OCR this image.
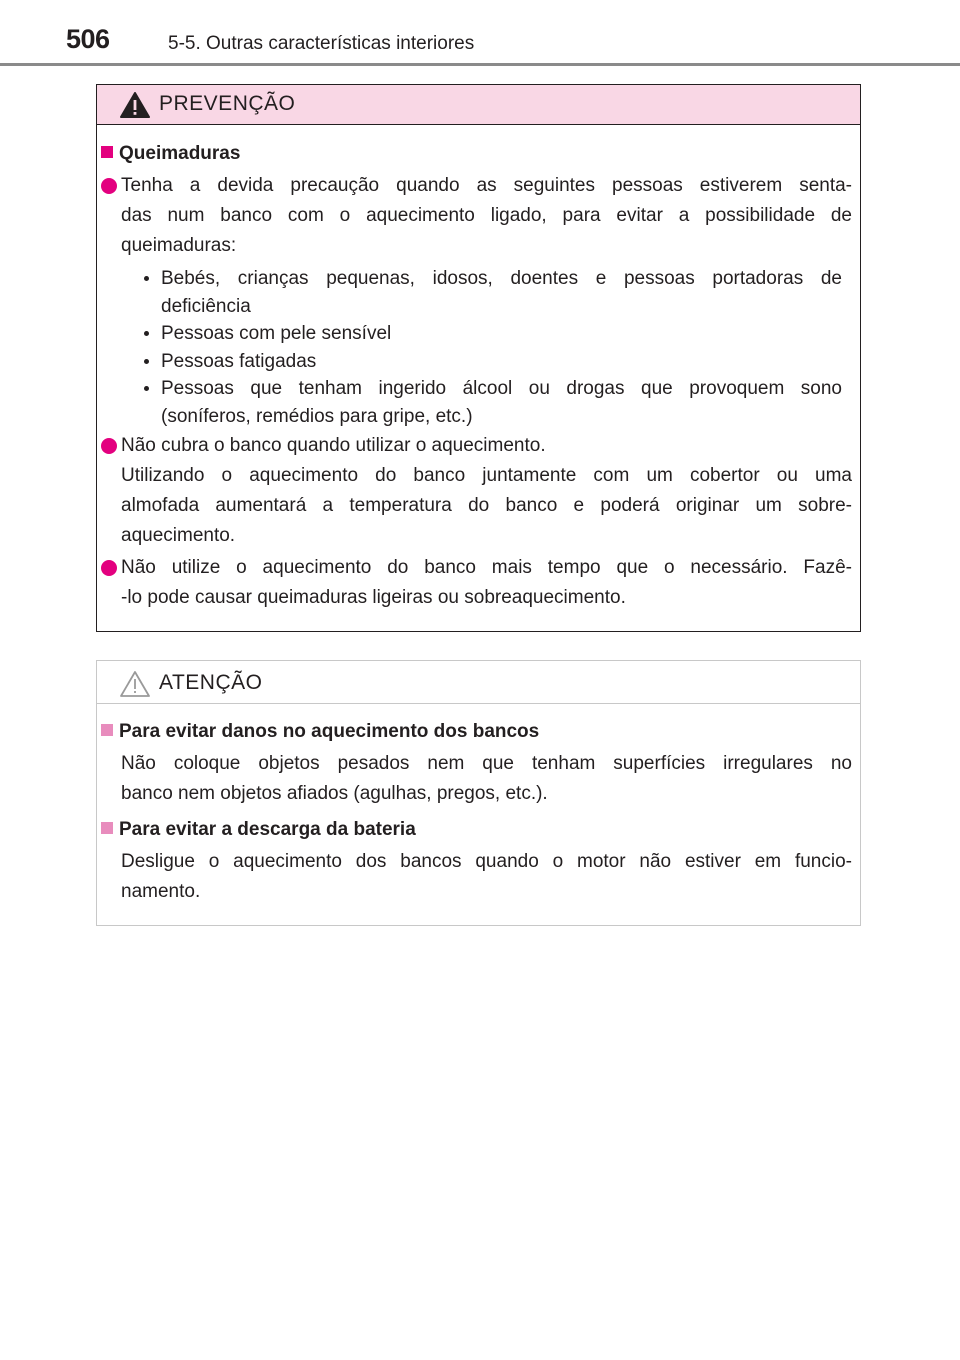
506	5-5. Outras características interiores
PREVENÇÃO
Queimaduras
Tenha a devida precaução quando as seguintes pessoas estiverem senta-
das num banco com o aquecimento ligado, para evitar a possibilidade de
queimaduras:
Bebés, crianças pequenas, idosos, doentes e pessoas portadoras de
deficiência
Pessoas com pele sensível
Pessoas fatigadas
Pessoas que tenham ingerido álcool ou drogas que provoquem sono
(soníferos, remédios para gripe, etc.)
Não cubra o banco quando utilizar o aquecimento.
Utilizando o aquecimento do banco juntamente com um cobertor ou uma
almofada aumentará a temperatura do banco e poderá originar um sobre-
aquecimento.
Não utilize o aquecimento do banco mais tempo que o necessário. Fazê-
-lo pode causar queimaduras ligeiras ou sobreaquecimento.
ATENÇÃO
Para evitar danos no aquecimento dos bancos
Não coloque objetos pesados nem que tenham superfícies irregulares no
banco nem objetos afiados (agulhas, pregos, etc.).
Para evitar a descarga da bateria
Desligue o aquecimento dos bancos quando o motor não estiver em funcio-
namento.
